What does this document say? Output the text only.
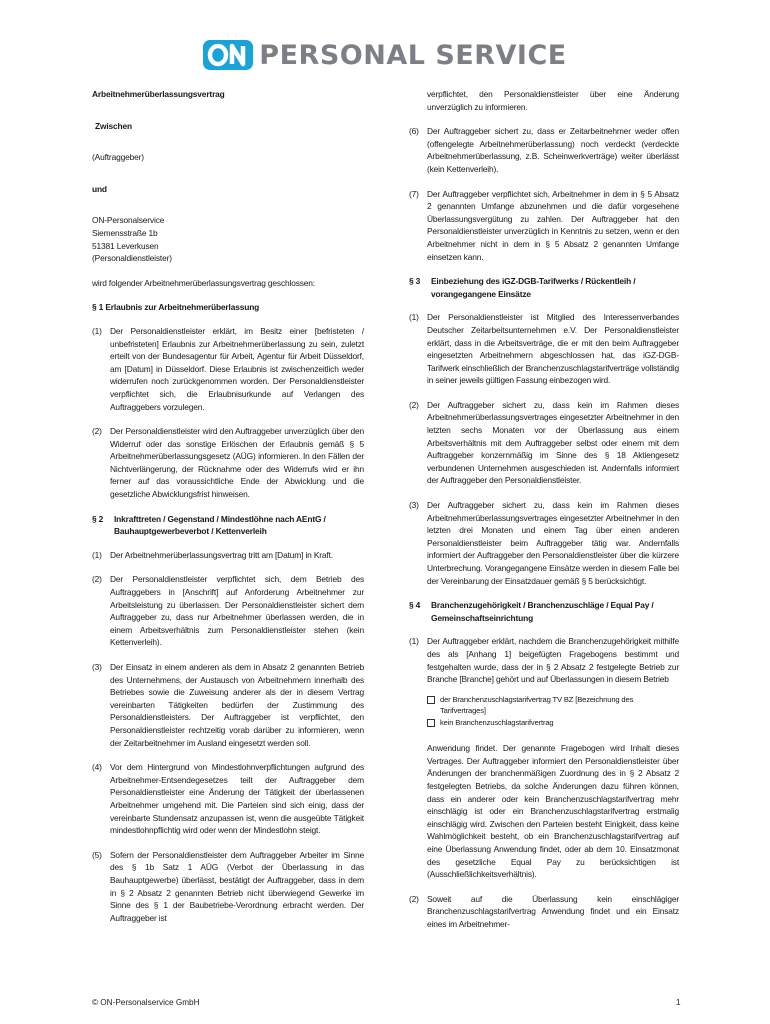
PERSONAL SERVICE
Arbeitnehmerüberlassungsvertrag
Zwischen
(Auftraggeber)
und
ON-Personalservice
Siemensstraße 1b
51381 Leverkusen
(Personaldienstleister)
wird folgender Arbeitnehmerüberlassungsvertrag geschlossen:
§ 1 Erlaubnis zur Arbeitnehmerüberlassung
(1) Der Personaldienstleister erklärt, im Besitz einer [befristeten / unbefristeten] Erlaubnis zur Arbeitnehmerüberlassung zu sein, zuletzt erteilt von der Bundesagentur für Arbeit, Agentur für Arbeit Düsseldorf, am [Datum] in Düsseldorf. Diese Erlaubnis ist zwischenzeitlich weder widerrufen noch zurückgenommen worden. Der Personaldienstleister verpflichtet sich, die Erlaubnisurkunde auf Verlangen des Auftraggebers vorzulegen.
(2) Der Personaldienstleister wird den Auftraggeber unverzüglich über den Widerruf oder das sonstige Erlöschen der Erlaubnis gemäß § 5 Arbeitnehmerüberlassungsgesetz (AÜG) informieren. In den Fällen der Nichtverlängerung, der Rücknahme oder des Widerrufs wird er ihn ferner auf das voraussichtliche Ende der Abwicklung und die gesetzliche Abwicklungsfrist hinweisen.
§ 2	Inkrafttreten / Gegenstand / Mindestlöhne nach AEntG / Bauhauptgewerbeverbot / Kettenverleih
(1) Der Arbeitnehmerüberlassungsvertrag tritt am [Datum] in Kraft.
(2) Der Personaldienstleister verpflichtet sich, dem Betrieb des Auftraggebers in [Anschrift] auf Anforderung Arbeitnehmer zur Arbeitsleistung zu überlassen. Der Personaldienstleister sichert dem Auftraggeber zu, dass nur Arbeitnehmer überlassen werden, die in einem Arbeitsverhältnis zum Personaldienstleister stehen (kein Kettenverleih).
(3) Der Einsatz in einem anderen als dem in Absatz 2 genannten Betrieb des Unternehmens, der Austausch von Arbeitnehmern innerhalb des Betriebes sowie die Zuweisung anderer als der in diesem Vertrag vereinbarten Tätigkeiten bedürfen der Zustimmung des Personaldienstleisters. Der Auftraggeber ist verpflichtet, den Personaldienstleister rechtzeitig vorab darüber zu informieren, wenn der Zeitarbeitnehmer im Ausland eingesetzt werden soll.
(4) Vor dem Hintergrund von Mindestlohnverpflichtungen aufgrund des Arbeitnehmer-Entsendegesetzes teilt der Auftraggeber dem Personaldienstleister eine Änderung der Tätigkeit der überlassenen Arbeitnehmer umgehend mit. Die Parteien sind sich einig, dass der vereinbarte Stundensatz anzupassen ist, wenn die ausgeübte Tätigkeit mindestlohnpflichtig wird oder wenn der Mindestlohn steigt.
(5) Sofern der Personaldienstleister dem Auftraggeber Arbeiter im Sinne des § 1b Satz 1 AÜG (Verbot der Überlassung in das Bauhauptgewerbe) überlässt, bestätigt der Auftraggeber, dass in dem in § 2 Absatz 2 genannten Betrieb nicht überwiegend Gewerke im Sinne des § 1 der Baubetriebe-Verordnung erbracht werden. Der Auftraggeber ist
verpflichtet, den Personaldienstleister über eine Änderung unverzüglich zu informieren.
(6) Der Auftraggeber sichert zu, dass er Zeitarbeitnehmer weder offen (offengelegte Arbeitnehmerüberlassung) noch verdeckt (verdeckte Arbeitnehmerüberlassung, z.B. Scheinwerkverträge) weiter überlässt (kein Kettenverleih).
(7) Der Auftraggeber verpflichtet sich, Arbeitnehmer in dem in § 5 Absatz 2 genannten Umfange abzunehmen und die dafür vorgesehene Überlassungsvergütung zu zahlen. Der Auftraggeber hat den Personaldienstleister unverzüglich in Kenntnis zu setzen, wenn er den Arbeitnehmer nicht in dem in § 5 Absatz 2 genannten Umfange einsetzen kann.
§ 3	Einbeziehung des iGZ-DGB-Tarifwerks / Rückentleih / vorangegangene Einsätze
(1) Der Personaldienstleister ist Mitglied des Interessenverbandes Deutscher Zeitarbeitsunternehmen e.V. Der Personaldienstleister erklärt, dass in die Arbeitsverträge, die er mit den beim Auftraggeber eingesetzten Arbeitnehmern abgeschlossen hat, das iGZ-DGB-Tarifwerk einschließlich der Branchenzuschlagstarifverträge vollständig in seiner jeweils gültigen Fassung einbezogen wird.
(2) Der Auftraggeber sichert zu, dass kein im Rahmen dieses Arbeitnehmerüberlassungsvertrages eingesetzter Arbeitnehmer in den letzten sechs Monaten vor der Überlassung aus einem Arbeitsverhältnis mit dem Auftraggeber selbst oder einem mit dem Auftraggeber konzernmäßig im Sinne des § 18 Aktiengesetz verbundenen Unternehmen ausgeschieden ist. Andernfalls informiert der Auftraggeber den Personaldienstleister.
(3) Der Auftraggeber sichert zu, dass kein im Rahmen dieses Arbeitnehmerüberlassungsvertrages eingesetzter Arbeitnehmer in den letzten drei Monaten und einem Tag über einen anderen Personaldienstleister beim Auftraggeber tätig war. Andernfalls informiert der Auftraggeber den Personaldienstleister über die kürzere Unterbrechung. Vorangegangene Einsätze werden in diesem Falle bei der Vereinbarung der Einsatzdauer gemäß § 5 berücksichtigt.
§ 4	Branchenzugehörigkeit / Branchenzuschläge / Equal Pay / Gemeinschaftseinrichtung
(1) Der Auftraggeber erklärt, nachdem die Branchenzugehörigkeit mithilfe des als [Anhang 1] beigefügten Fragebogens bestimmt und festgehalten wurde, dass der in § 2 Absatz 2 festgelegte Betrieb zur Branche [Branche] gehört und auf Überlassungen in diesem Betrieb
der Branchenzuschlagstarifvertrag TV BZ [Bezeichnung des Tarifvertrages]
kein Branchenzuschlagstarifvertrag
Anwendung findet. Der genannte Fragebogen wird Inhalt dieses Vertrages. Der Auftraggeber informiert den Personaldienstleister über Änderungen der branchenmäßigen Zuordnung des in § 2 Absatz 2 festgelegten Betriebs, da solche Änderungen dazu führen können, dass ein anderer oder kein Branchenzuschlagstarifvertrag mehr einschlägig ist oder ein Branchenzuschlagstarifvertrag erstmalig einschlägig wird. Zwischen den Parteien besteht Einigkeit, dass keine Wahlmöglichkeit besteht, ob ein Branchenzuschlagstarifvertrag auf eine Überlassung Anwendung findet, oder ab dem 10. Einsatzmonat des gesetzliche Equal Pay zu berücksichtigen ist (Ausschließlichkeitsverhältnis).
(2) Soweit auf die Überlassung kein einschlägiger Branchenzuschlagstarifvertrag Anwendung findet und ein Einsatz eines im Arbeitnehmer-
© ON-Personalservice GmbH	1
